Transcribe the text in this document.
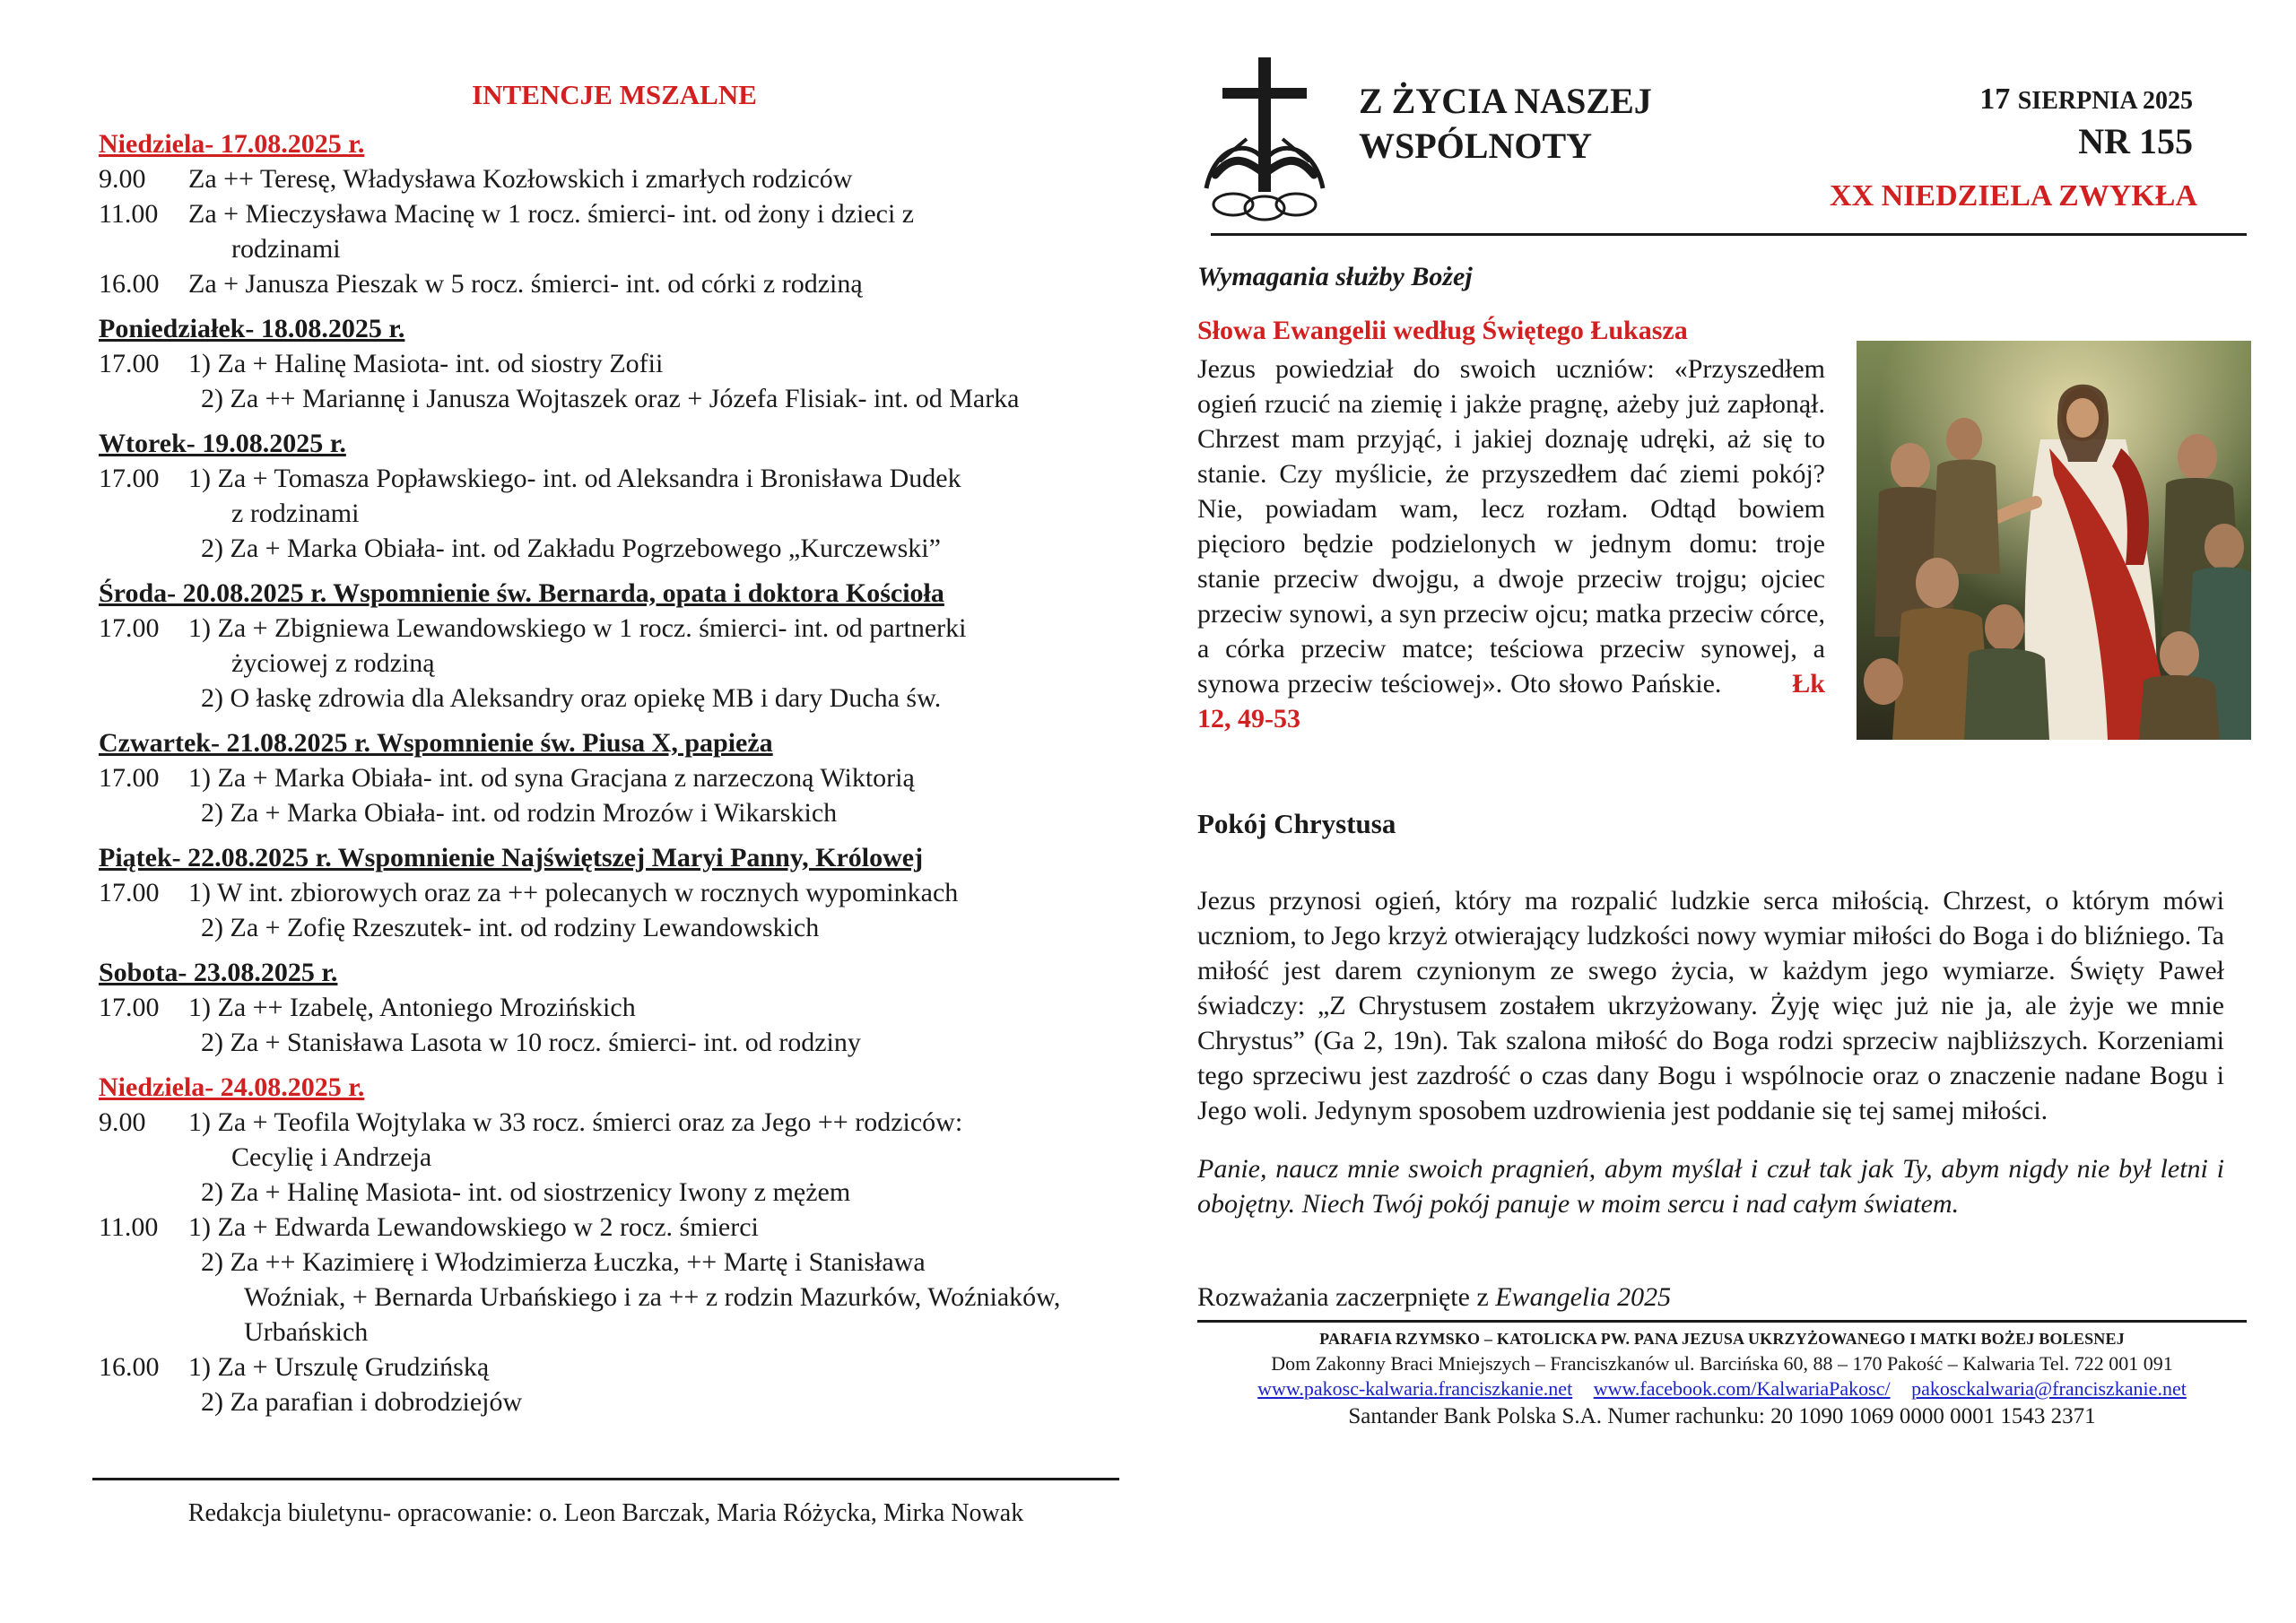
INTENCJE MSZALNE
Niedziela- 17.08.2025 r.
9.00	Za ++ Teresę, Władysława Kozłowskich i zmarłych rodziców
11.00	Za + Mieczysława Macinę w 1 rocz. śmierci- int. od żony i dzieci z
rodzinami
16.00	Za + Janusza Pieszak w 5 rocz. śmierci- int. od córki z rodziną
Poniedziałek- 18.08.2025 r.
17.00	1) Za + Halinę Masiota- int. od siostry Zofii
2) Za ++ Mariannę i Janusza Wojtaszek oraz + Józefa Flisiak- int. od Marka
Wtorek- 19.08.2025 r.
17.00	1) Za + Tomasza Popławskiego- int. od Aleksandra i Bronisława Dudek
z rodzinami
2) Za + Marka Obiała- int. od Zakładu Pogrzebowego „Kurczewski”
Środa- 20.08.2025 r. Wspomnienie św. Bernarda, opata i doktora Kościoła
17.00	1) Za + Zbigniewa Lewandowskiego w 1 rocz. śmierci- int. od partnerki
życiowej z rodziną
2) O łaskę zdrowia dla Aleksandry oraz opiekę MB i dary Ducha św.
Czwartek- 21.08.2025 r. Wspomnienie św. Piusa X, papieża
17.00	1) Za + Marka Obiała- int. od syna Gracjana z narzeczoną Wiktorią
2) Za + Marka Obiała- int. od rodzin Mrozów i Wikarskich
Piątek- 22.08.2025 r. Wspomnienie Najświętszej Maryi Panny, Królowej
17.00	1) W int. zbiorowych oraz za ++ polecanych w rocznych wypominkach
2) Za + Zofię Rzeszutek- int. od rodziny Lewandowskich
Sobota- 23.08.2025 r.
17.00	1) Za ++ Izabelę, Antoniego Mrozińskich
2) Za + Stanisława Lasota w 10 rocz. śmierci- int. od rodziny
Niedziela- 24.08.2025 r.
9.00	1) Za + Teofila Wojtylaka w 33 rocz. śmierci oraz za Jego ++ rodziców:
Cecylię i Andrzeja
2) Za + Halinę Masiota- int. od siostrzenicy Iwony z mężem
11.00	1) Za + Edwarda Lewandowskiego w 2 rocz. śmierci
2) Za ++ Kazimierę i Włodzimierza Łuczka, ++ Martę i Stanisława
Woźniak, + Bernarda Urbańskiego i za ++ z rodzin Mazurków, Woźniaków, Urbańskich
16.00	1) Za + Urszulę Grudzińską
2) Za parafian i dobrodziejów
Redakcja biuletynu- opracowanie: o. Leon Barczak, Maria Różycka, Mirka Nowak
Z ŻYCIA NASZEJ
WSPÓLNOTY
17 SIERPNIA 2025
NR 155
XX NIEDZIELA ZWYKŁA
Wymagania służby Bożej
Słowa Ewangelii według Świętego Łukasza
Jezus powiedział do swoich uczniów: «Przyszedłem ogień rzucić na ziemię i jakże pragnę, ażeby już zapłonął. Chrzest mam przyjąć, i jakiej doznaję udręki, aż się to stanie. Czy myślicie, że przyszedłem dać ziemi pokój? Nie, powiadam wam, lecz rozłam. Odtąd bowiem pięcioro będzie podzielonych w jednym domu: troje stanie przeciw dwojgu, a dwoje przeciw trojgu; ojciec przeciw synowi, a syn przeciw ojcu; matka przeciw córce, a córka przeciw matce; teściowa przeciw synowej, a synowa przeciw teściowej». Oto słowo Pańskie.	Łk 12, 49-53
Pokój Chrystusa
Jezus przynosi ogień, który ma rozpalić ludzkie serca miłością. Chrzest, o którym mówi uczniom, to Jego krzyż otwierający ludzkości nowy wymiar miłości do Boga i do bliźniego. Ta miłość jest darem czynionym ze swego życia, w każdym jego wymiarze. Święty Paweł świadczy: „Z Chrystusem zostałem ukrzyżowany. Żyję więc już nie ja, ale żyje we mnie Chrystus” (Ga 2, 19n). Tak szalona miłość do Boga rodzi sprzeciw najbliższych. Korzeniami tego sprzeciwu jest zazdrość o czas dany Bogu i wspólnocie oraz o znaczenie nadane Bogu i Jego woli. Jedynym sposobem uzdrowienia jest poddanie się tej samej miłości.
Panie, naucz mnie swoich pragnień, abym myślał i czuł tak jak Ty, abym nigdy nie był letni i obojętny. Niech Twój pokój panuje w moim sercu i nad całym światem.
Rozważania zaczerpnięte z Ewangelia 2025
PARAFIA RZYMSKO – KATOLICKA PW. PANA JEZUSA UKRZYŻOWANEGO I MATKI BOŻEJ BOLESNEJ
Dom Zakonny Braci Mniejszych – Franciszkanów ul. Barcińska 60, 88 – 170 Pakość – Kalwaria Tel. 722 001 091
www.pakosc-kalwaria.franciszkanie.net www.facebook.com/KalwariaPakosc/ pakosckalwaria@franciszkanie.net
Santander Bank Polska S.A. Numer rachunku: 20 1090 1069 0000 0001 1543 2371
